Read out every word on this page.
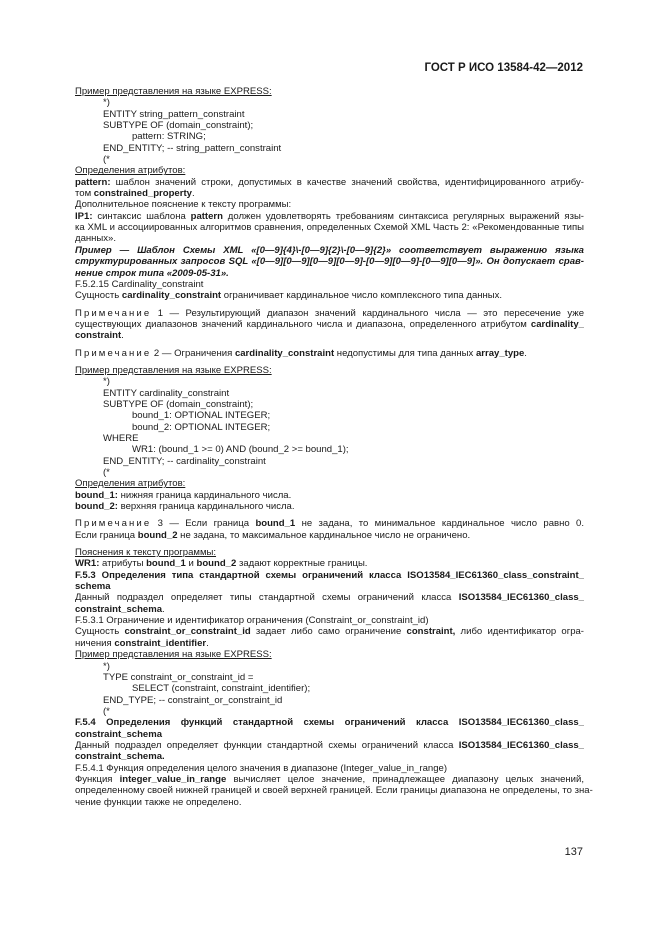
ГОСТ Р ИСО 13584-42—2012
Пример представления на языке EXPRESS:
*)
ENTITY string_pattern_constraint
SUBTYPE OF (domain_constraint);
pattern: STRING;
END_ENTITY; -- string_pattern_constraint
(*
Определения атрибутов:
pattern: шаблон значений строки, допустимых в качестве значений свойства, идентифицированного атрибу-
том constrained_property.
Дополнительное пояснение к тексту программы:
IP1: синтаксис шаблона pattern должен удовлетворять требованиям синтаксиса регулярных выражений язы-
ка XML и ассоциированных алгоритмов сравнения, определенных Схемой XML Часть 2: «Рекомендованные типы
данных».
Пример — Шаблон Схемы XML «[0—9]{4}\-[0—9]{2}\-[0—9]{2}» соответствует выражению языка
структурированных запросов SQL «[0—9][0—9][0—9][0—9]-[0—9][0—9]-[0—9][0—9]». Он допускает срав-
нение строк типа «2009-05-31».
F.5.2.15 Cardinality_constraint
Сущность cardinality_constraint ограничивает кардинальное число комплексного типа данных.
Примечание 1 — Результирующий диапазон значений кардинального числа — это пересечение уже
существующих диапазонов значений кардинального числа и диапазона, определенного атрибутом cardinality_
constraint.
Примечание 2 — Ограничения cardinality_constraint недопустимы для типа данных array_type.
Пример представления на языке EXPRESS:
*)
ENTITY cardinality_constraint
SUBTYPE OF (domain_constraint);
bound_1: OPTIONAL INTEGER;
bound_2: OPTIONAL INTEGER;
WHERE
WR1: (bound_1 >= 0) AND (bound_2 >= bound_1);
END_ENTITY; -- cardinality_constraint
(*
Определения атрибутов:
bound_1: нижняя граница кардинального числа.
bound_2: верхняя граница кардинального числа.
Примечание 3 — Если граница bound_1 не задана, то минимальное кардинальное число равно 0.
Если граница bound_2 не задана, то максимальное кардинальное число не ограничено.
Пояснения к тексту программы:
WR1: атрибуты bound_1 и bound_2 задают корректные границы.
F.5.3 Определения типа стандартной схемы ограничений класса ISO13584_IEC61360_class_constraint_
schema
Данный подраздел определяет типы стандартной схемы ограничений класса ISO13584_IEC61360_class_
constraint_schema.
F.5.3.1 Ограничение и идентификатор ограничения (Constraint_or_constraint_id)
Сущность constraint_or_constraint_id задает либо само ограничение constraint, либо идентификатор огра-
ничения constraint_identifier.
Пример представления на языке EXPRESS:
*)
TYPE constraint_or_constraint_id =
SELECT (constraint, constraint_identifier);
END_TYPE; -- constraint_or_constraint_id
(*
F.5.4 Определения функций стандартной схемы ограничений класса ISO13584_IEC61360_class_
constraint_schema
Данный подраздел определяет функции стандартной схемы ограничений класса ISO13584_IEC61360_class_
constraint_schema.
F.5.4.1 Функция определения целого значения в диапазоне (Integer_value_in_range)
Функция integer_value_in_range вычисляет целое значение, принадлежащее диапазону целых значений,
определенному своей нижней границей и своей верхней границей. Если границы диапазона не определены, то зна-
чение функции также не определено.
137
